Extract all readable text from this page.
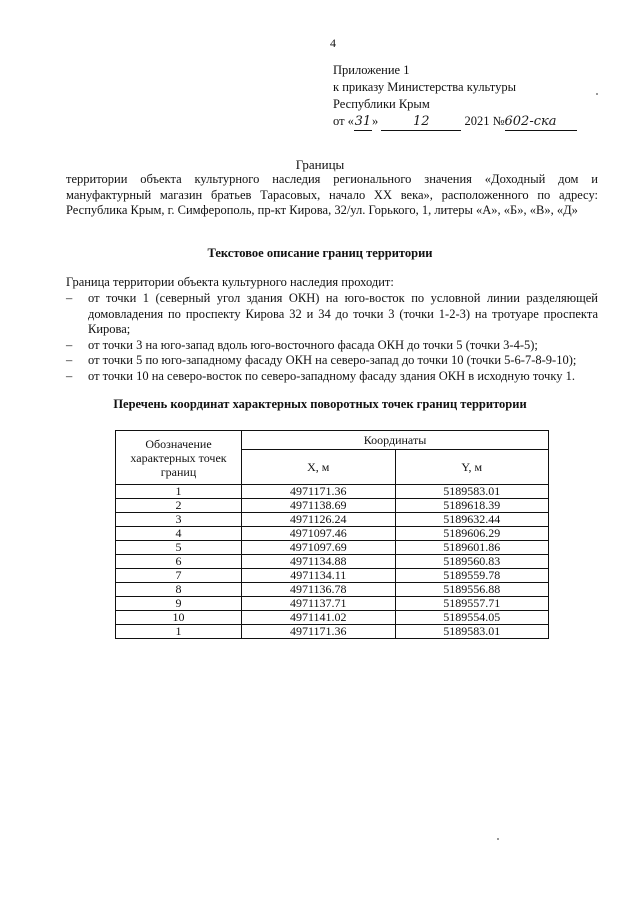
4
Приложение 1
к приказу Министерства культуры
Республики Крым
от «31»	12	2021 №602-ска
Границы
территории объекта культурного наследия регионального значения «Доходный дом и мануфактурный магазин братьев Тарасовых, начало ХХ века», расположенного по адресу: Республика Крым, г. Симферополь, пр-кт Кирова, 32/ул. Горького, 1, литеры «А», «Б», «В», «Д»
Текстовое описание границ территории
Граница территории объекта культурного наследия проходит:
– от точки 1 (северный угол здания ОКН) на юго-восток по условной линии разделяющей домовладения по проспекту Кирова 32 и 34 до точки 3 (точки 1-2-3) на тротуаре проспекта Кирова;
– от точки 3 на юго-запад вдоль юго-восточного фасада ОКН до точки 5 (точки 3-4-5);
– от точки 5 по юго-западному фасаду ОКН на северо-запад до точки 10 (точки 5-6-7-8-9-10);
– от точки 10 на северо-восток по северо-западному фасаду здания ОКН в исходную точку 1.
Перечень координат характерных поворотных точек границ территории
Обозначение характерных точек границ	Координаты	
	X, м	Y, м
1	4971171.36	5189583.01
2	4971138.69	5189618.39
3	4971126.24	5189632.44
4	4971097.46	5189606.29
5	4971097.69	5189601.86
6	4971134.88	5189560.83
7	4971134.11	5189559.78
8	4971136.78	5189556.88
9	4971137.71	5189557.71
10	4971141.02	5189554.05
1	4971171.36	5189583.01
